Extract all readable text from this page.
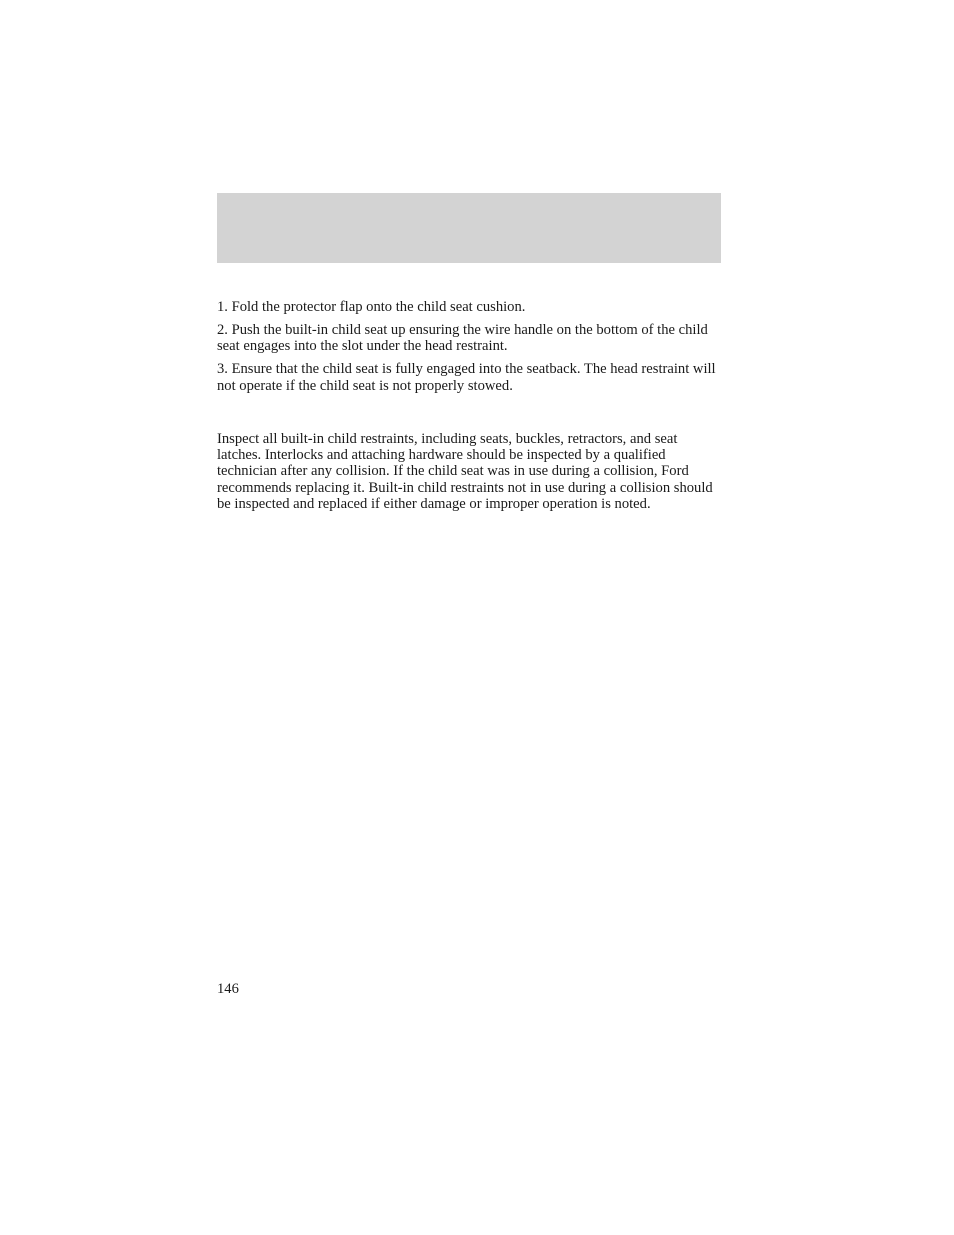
1. Fold the protector flap onto the child seat cushion.

2. Push the built-in child seat up ensuring the wire handle on the bottom of the child seat engages into the slot under the head restraint.

3. Ensure that the child seat is fully engaged into the seatback. The head restraint will not operate if the child seat is not properly stowed.

Inspect all built-in child restraints, including seats, buckles, retractors, and seat latches. Interlocks and attaching hardware should be inspected by a qualified technician after any collision. If the child seat was in use during a collision, Ford recommends replacing it. Built-in child restraints not in use during a collision should be inspected and replaced if either damage or improper operation is noted.

146
